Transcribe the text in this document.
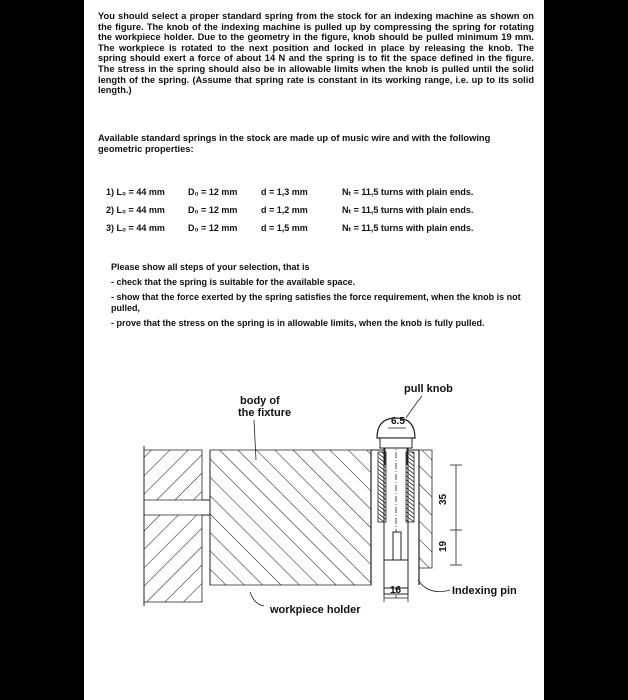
You should select a proper standard spring from the stock for an indexing machine as shown on the figure. The knob of the indexing machine is pulled up by compressing the spring for rotating the workpiece holder. Due to the geometry in the figure, knob should be pulled minimum 19 mm. The workpiece is rotated to the next position and locked in place by releasing the knob. The spring should exert a force of about 14 N and the spring is to fit the space defined in the figure. The stress in the spring should also be in allowable limits when the knob is pulled until the solid length of the spring. (Assume that spring rate is constant in its working range, i.e. up to its solid length.)

Available standard springs in the stock are made up of music wire and with the following geometric properties:

1) L₀ = 44 mm	D₀ = 12 mm	d = 1,3 mm	Nₜ = 11,5 turns with plain ends.
2) L₀ = 44 mm	D₀ = 12 mm	d = 1,2 mm	Nₜ = 11,5 turns with plain ends.
3) L₀ = 44 mm	D₀ = 12 mm	d = 1,5 mm	Nₜ = 11,5 turns with plain ends.

Please show all steps of your selection, that is

- check that the spring is suitable for the available space.

- show that the force exerted by the spring satisfies the force requirement, when the knob is not pulled,

- prove that the stress on the spring is in allowable limits, when the knob is fully pulled.

6.5
35
19
16
body of
the fixture
pull knob
workpiece holder
Indexing pin
